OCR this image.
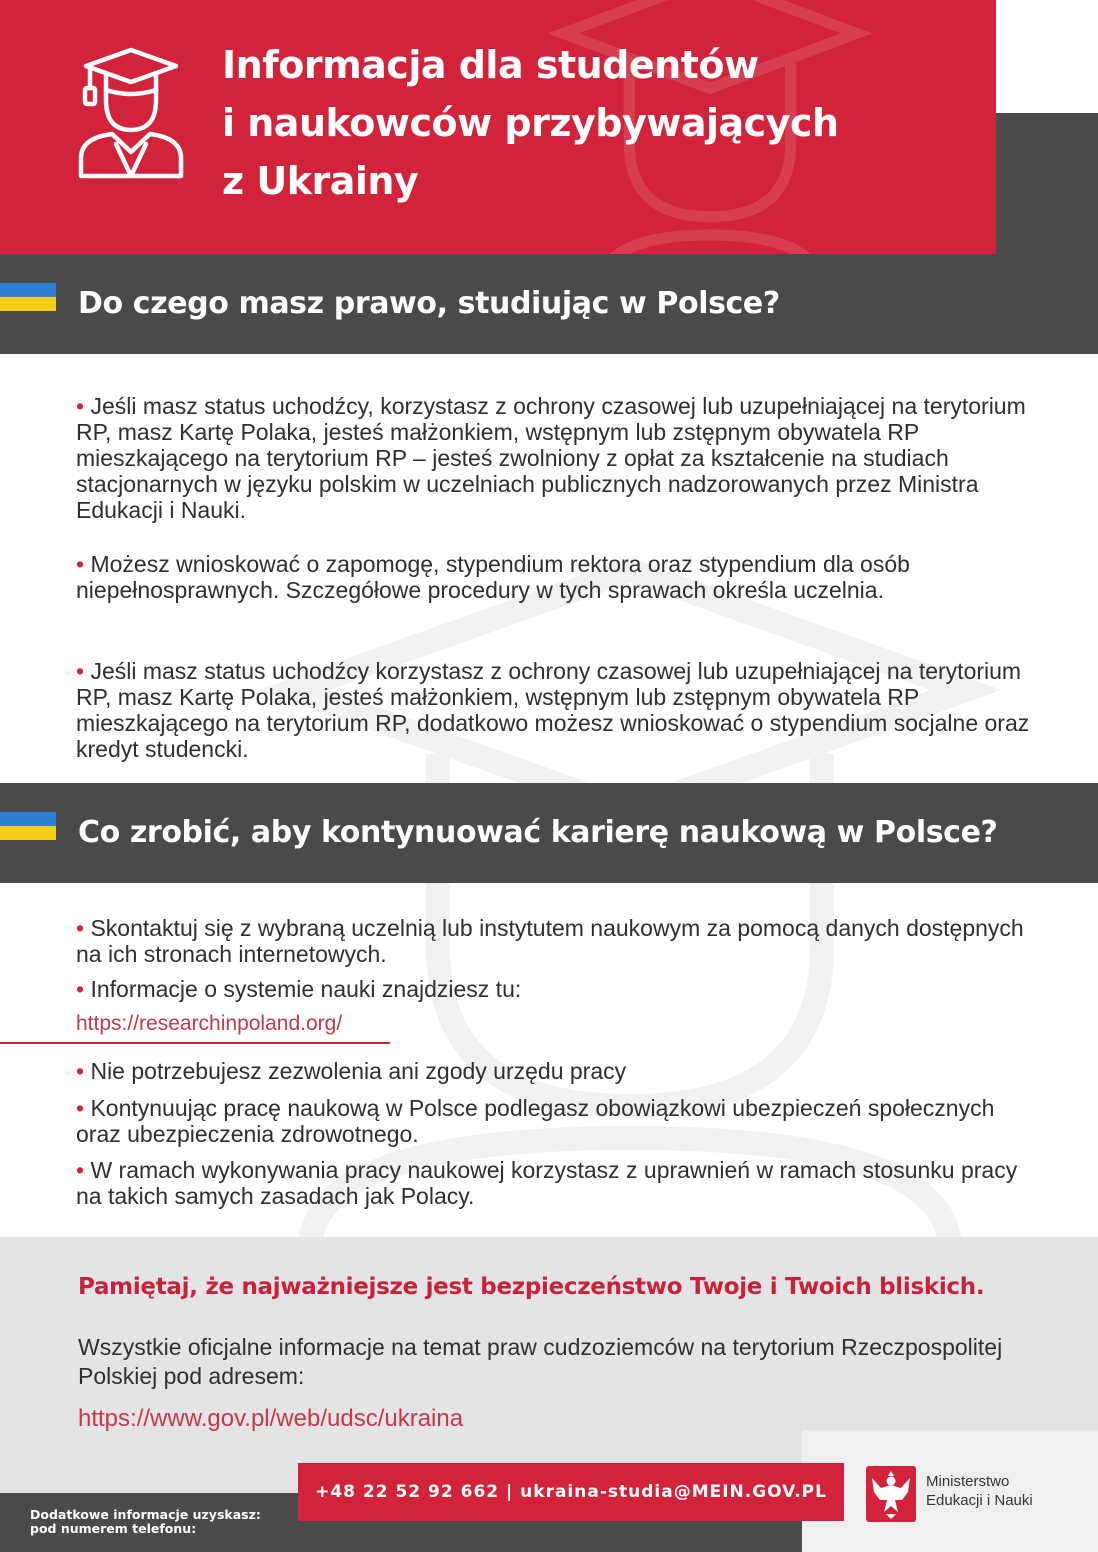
Informacja dla studentów
i naukowców przybywających
z Ukrainy
Do czego masz prawo, studiując w Polsce?

• Jeśli masz status uchodźcy, korzystasz z ochrony czasowej lub uzupełniającej na terytorium RP, masz Kartę Polaka, jesteś małżonkiem, wstępnym lub zstępnym obywatela RP mieszkającego na terytorium RP – jesteś zwolniony z opłat za kształcenie na studiach stacjonarnych w języku polskim w uczelniach publicznych nadzorowanych przez Ministra Edukacji i Nauki.

• Możesz wnioskować o zapomogę, stypendium rektora oraz stypendium dla osób niepełnosprawnych. Szczegółowe procedury w tych sprawach określa uczelnia.

• Jeśli masz status uchodźcy korzystasz z ochrony czasowej lub uzupełniającej na terytorium RP, masz Kartę Polaka, jesteś małżonkiem, wstępnym lub zstępnym obywatela RP mieszkającego na terytorium RP, dodatkowo możesz wnioskować o stypendium socjalne oraz kredyt studencki.

Co zrobić, aby kontynuować karierę naukową w Polsce?

• Skontaktuj się z wybraną uczelnią lub instytutem naukowym za pomocą danych dostępnych na ich stronach internetowych.

• Informacje o systemie nauki znajdziesz tu:

https://researchinpoland.org/

• Nie potrzebujesz zezwolenia ani zgody urzędu pracy

• Kontynuując pracę naukową w Polsce podlegasz obowiązkowi ubezpieczeń społecznych oraz ubezpieczenia zdrowotnego.

• W ramach wykonywania pracy naukowej korzystasz z uprawnień w ramach stosunku pracy na takich samych zasadach jak Polacy.

Pamiętaj, że najważniejsze jest bezpieczeństwo Twoje i Twoich bliskich.

Wszystkie oficjalne informacje na temat praw cudzoziemców na terytorium Rzeczpospolitej Polskiej pod adresem:

https://www.gov.pl/web/udsc/ukraina

Dodatkowe informacje uzyskasz:
pod numerem telefonu:

Ministerstwo
Edukacji i Nauki

+48 22 52 92 662 | ukraina-studia@MEIN.GOV.PL
